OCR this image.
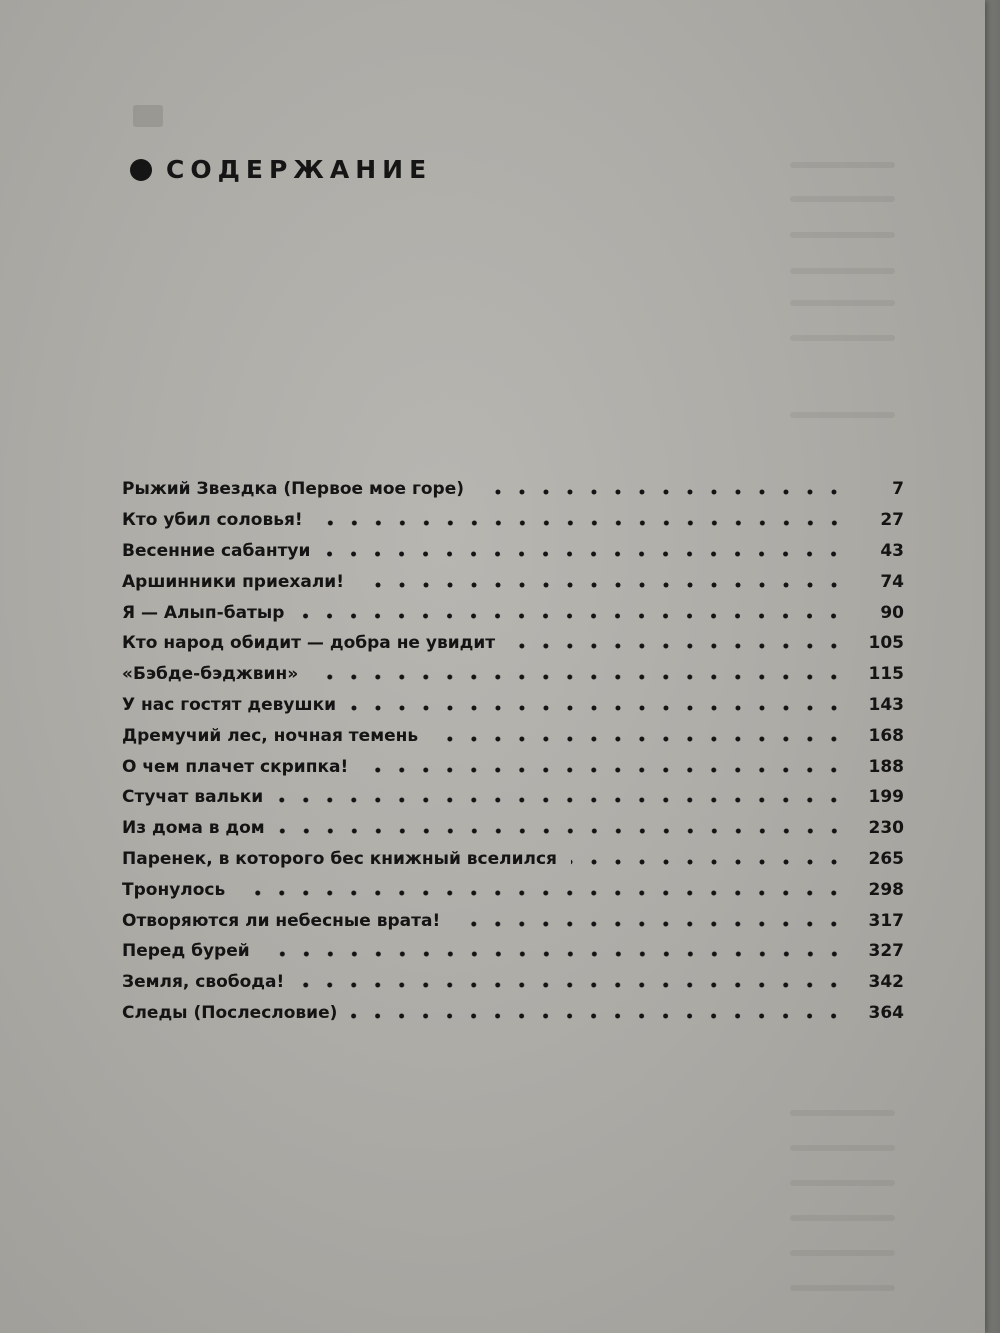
СОДЕРЖАНИЕ
Рыжий Звездка (Первое мое горе)	7
Кто убил соловья!	27
Весенние сабантуи	43
Аршинники приехали!	74
Я — Алып-батыр	90
Кто народ обидит — добра не увидит	105
«Бэбде-бэджвин»	115
У нас гостят девушки	143
Дремучий лес, ночная темень	168
О чем плачет скрипка!	188
Стучат вальки	199
Из дома в дом	230
Паренек, в которого бес книжный вселился	265
Тронулось	298
Отворяются ли небесные врата!	317
Перед бурей	327
Земля, свобода!	342
Следы (Послесловие)	364
